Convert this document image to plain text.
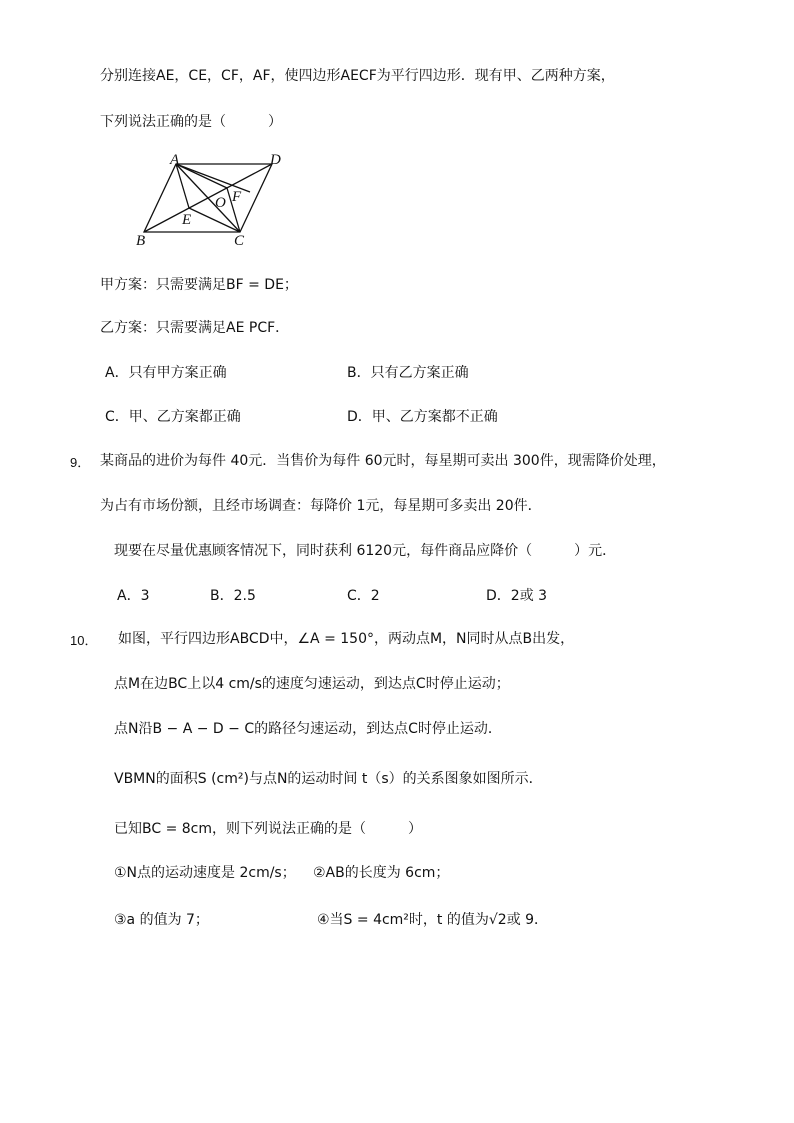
分别连接AE，CE，CF，AF，使四边形AECF为平行四边形．现有甲、乙两种方案，
下列说法正确的是（　　　）
A	D
B	C
E
F
O
甲方案：只需要满足BF = DE；
乙方案：只需要满足AE PCF．
A．只有甲方案正确	B．只有乙方案正确
C．甲、乙方案都正确	D．甲、乙方案都不正确
9． 某商品的进价为每件 40元．当售价为每件 60元时，每星期可卖出 300件，现需降价处理，
为占有市场份额，且经市场调查：每降价 1元，每星期可多卖出 20件．
现要在尽量优惠顾客情况下，同时获利 6120元，每件商品应降价（　　　）元．
A．3	B．2.5	C．2	D．2或 3
10． 如图，平行四边形ABCD中，∠A = 150°，两动点M，N同时从点B出发，
点M在边BC上以4 cm/s的速度匀速运动，到达点C时停止运动；
点N沿B − A − D − C的路径匀速运动，到达点C时停止运动．
VBMN的面积S (cm²)与点N的运动时间 t（s）的关系图象如图所示．
已知BC = 8cm，则下列说法正确的是（　　　）
①N点的运动速度是 2cm/s； ②AB的长度为 6cm；
③a 的值为 7；	④当S = 4cm²时，t 的值为√2或 9．
